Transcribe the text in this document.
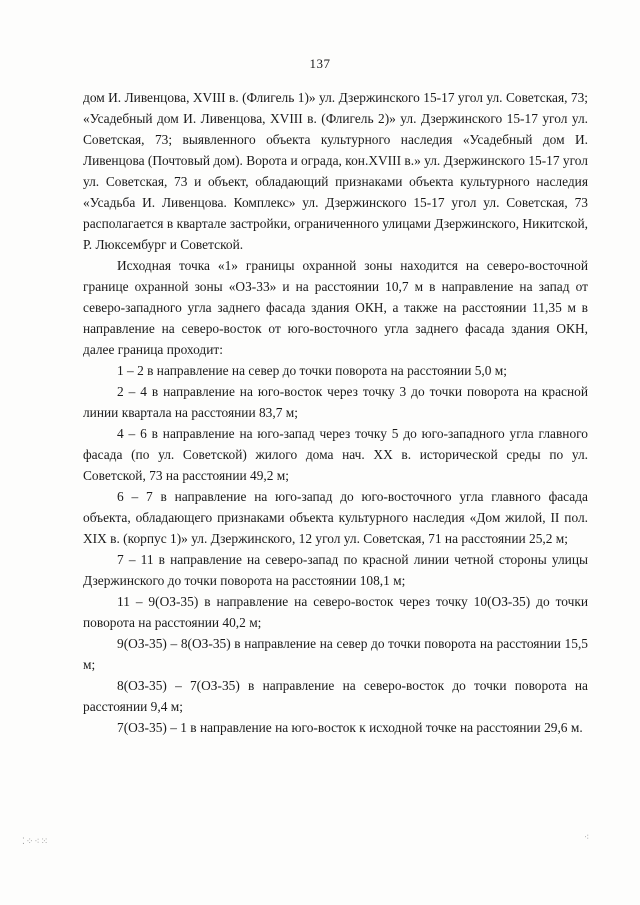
137

дом И. Ливенцова, XVIII в. (Флигель 1)» ул. Дзержинского 15-17 угол ул. Советская, 73; «Усадебный дом И. Ливенцова, XVIII в. (Флигель 2)» ул. Дзержинского 15-17 угол ул. Советская, 73; выявленного объекта культурного наследия «Усадебный дом И. Ливенцова (Почтовый дом). Ворота и ограда, кон.XVIII в.» ул. Дзержинского 15-17 угол ул. Советская, 73 и объект, обладающий признаками объекта культурного наследия «Усадьба И. Ливенцова. Комплекс» ул. Дзержинского 15-17 угол ул. Советская, 73 располагается в квартале застройки, ограниченного улицами Дзержинского, Никитской, Р. Люксембург и Советской.

Исходная точка «1» границы охранной зоны находится на северо-восточной границе охранной зоны «ОЗ-33» и на расстоянии 10,7 м в направление на запад от северо-западного угла заднего фасада здания ОКН, а также на расстоянии 11,35 м в направление на северо-восток от юго-восточного угла заднего фасада здания ОКН, далее граница проходит:

1 – 2 в направление на север до точки поворота на расстоянии 5,0 м;

2 – 4 в направление на юго-восток через точку 3 до точки поворота на красной линии квартала на расстоянии 83,7 м;

4 – 6 в направление на юго-запад через точку 5 до юго-западного угла главного фасада (по ул. Советской) жилого дома нач. XX в. исторической среды по ул. Советской, 73 на расстоянии 49,2 м;

6 – 7 в направление на юго-запад до юго-восточного угла главного фасада объекта, обладающего признаками объекта культурного наследия «Дом жилой, II пол. XIX в. (корпус 1)» ул. Дзержинского, 12 угол ул. Советская, 71 на расстоянии 25,2 м;

7 – 11 в направление на северо-запад по красной линии четной стороны улицы Дзержинского до точки поворота на расстоянии 108,1 м;

11 – 9(ОЗ-35) в направление на северо-восток через точку 10(ОЗ-35) до точки поворота на расстоянии 40,2 м;

9(ОЗ-35) – 8(ОЗ-35) в направление на север до точки поворота на расстоянии 15,5 м;

8(ОЗ-35) – 7(ОЗ-35) в направление на северо-восток до точки поворота на расстоянии 9,4 м;

7(ОЗ-35) – 1 в направление на юго-восток к исходной точке на расстоянии 29,6 м.

⁚⁘⁖⁙	⁖
